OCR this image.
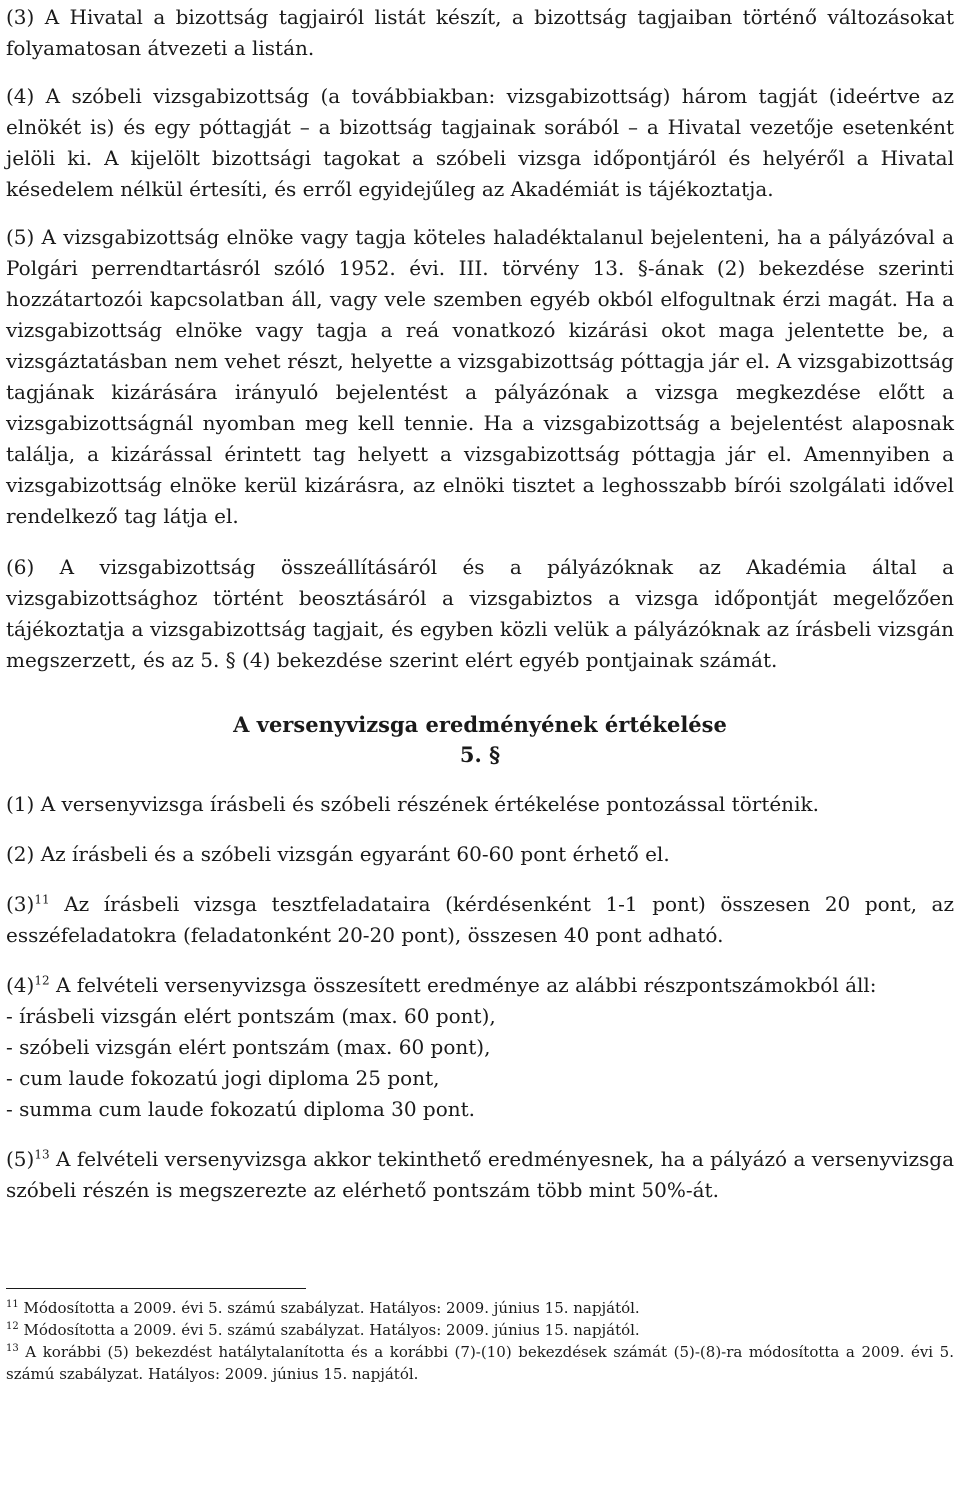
(3) A Hivatal a bizottság tagjairól listát készít, a bizottság tagjaiban történő változásokat folyamatosan átvezeti a listán.

(4) A szóbeli vizsgabizottság (a továbbiakban: vizsgabizottság) három tagját (ideértve az elnökét is) és egy póttagját – a bizottság tagjainak sorából – a Hivatal vezetője esetenként jelöli ki. A kijelölt bizottsági tagokat a szóbeli vizsga időpontjáról és helyéről a Hivatal késedelem nélkül értesíti, és erről egyidejűleg az Akadémiát is tájékoztatja.

(5) A vizsgabizottság elnöke vagy tagja köteles haladéktalanul bejelenteni, ha a pályázóval a Polgári perrendtartásról szóló 1952. évi. III. törvény 13. §-ának (2) bekezdése szerinti hozzátartozói kapcsolatban áll, vagy vele szemben egyéb okból elfogultnak érzi magát. Ha a vizsgabizottság elnöke vagy tagja a reá vonatkozó kizárási okot maga jelentette be, a vizsgáztatásban nem vehet részt, helyette a vizsgabizottság póttagja jár el. A vizsgabizottság tagjának kizárására irányuló bejelentést a pályázónak a vizsga megkezdése előtt a vizsgabizottságnál nyomban meg kell tennie. Ha a vizsgabizottság a bejelentést alaposnak találja, a kizárással érintett tag helyett a vizsgabizottság póttagja jár el. Amennyiben a vizsgabizottság elnöke kerül kizárásra, az elnöki tisztet a leghosszabb bírói szolgálati idővel rendelkező tag látja el.

(6) A vizsgabizottság összeállításáról és a pályázóknak az Akadémia által a vizsgabizottsághoz történt beosztásáról a vizsgabiztos a vizsga időpontját megelőzően tájékoztatja a vizsgabizottság tagjait, és egyben közli velük a pályázóknak az írásbeli vizsgán megszerzett, és az 5. § (4) bekezdése szerint elért egyéb pontjainak számát.

A versenyvizsga eredményének értékelése

5. §

(1) A versenyvizsga írásbeli és szóbeli részének értékelése pontozással történik.

(2) Az írásbeli és a szóbeli vizsgán egyaránt 60-60 pont érhető el.

$(3)^{11}$ Az írásbeli vizsga tesztfeladataira (kérdésenként 1-1 pont) összesen 20 pont, az esszéfeladatokra (feladatonként 20-20 pont), összesen 40 pont adható.

$(4)^{12}$ A felvételi versenyvizsga összesített eredménye az alábbi részpontszámokból áll:

- írásbeli vizsgán elért pontszám (max. 60 pont),

- szóbeli vizsgán elért pontszám (max. 60 pont),

- cum laude fokozatú jogi diploma 25 pont,

- summa cum laude fokozatú diploma 30 pont.

$(5)^{13}$ A felvételi versenyvizsga akkor tekinthető eredményesnek, ha a pályázó a versenyvizsga szóbeli részén is megszerezte az elérhető pontszám több mint 50%-át.

$^{11}$ Módosította a 2009. évi 5. számú szabályzat. Hatályos: 2009. június 15. napjától.

$^{12}$ Módosította a 2009. évi 5. számú szabályzat. Hatályos: 2009. június 15. napjától.

$^{13}$ A korábbi (5) bekezdést hatálytalanította és a korábbi (7)-(10) bekezdések számát (5)-(8)-ra módosította a 2009. évi 5. számú szabályzat. Hatályos: 2009. június 15. napjától.
